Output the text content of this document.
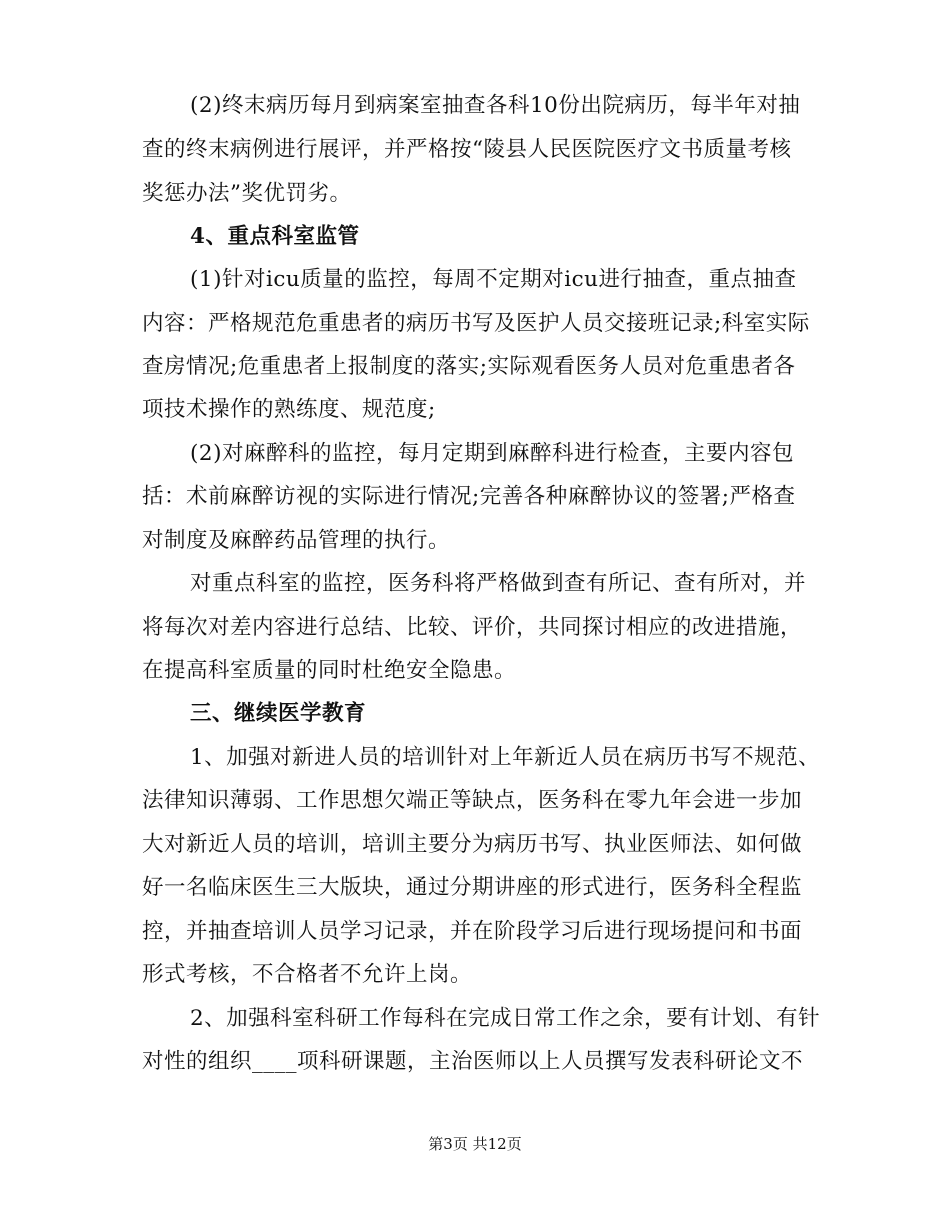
(2)终末病历每月到病案室抽查各科10份出院病历，每半年对抽
查的终末病例进行展评，并严格按“陵县人民医院医疗文书质量考核
奖惩办法”奖优罚劣。
4、重点科室监管
(1)针对icu质量的监控，每周不定期对icu进行抽查，重点抽查
内容：严格规范危重患者的病历书写及医护人员交接班记录;科室实际
查房情况;危重患者上报制度的落实;实际观看医务人员对危重患者各
项技术操作的熟练度、规范度;
(2)对麻醉科的监控，每月定期到麻醉科进行检查，主要内容包
括：术前麻醉访视的实际进行情况;完善各种麻醉协议的签署;严格查
对制度及麻醉药品管理的执行。
对重点科室的监控，医务科将严格做到查有所记、查有所对，并
将每次对差内容进行总结、比较、评价，共同探讨相应的改进措施，
在提高科室质量的同时杜绝安全隐患。
三、继续医学教育
1、加强对新进人员的培训针对上年新近人员在病历书写不规范、
法律知识薄弱、工作思想欠端正等缺点，医务科在零九年会进一步加
大对新近人员的培训，培训主要分为病历书写、执业医师法、如何做
好一名临床医生三大版块，通过分期讲座的形式进行，医务科全程监
控，并抽查培训人员学习记录，并在阶段学习后进行现场提问和书面
形式考核，不合格者不允许上岗。
2、加强科室科研工作每科在完成日常工作之余，要有计划、有针
对性的组织____项科研课题，主治医师以上人员撰写发表科研论文不
第3页 共12页
